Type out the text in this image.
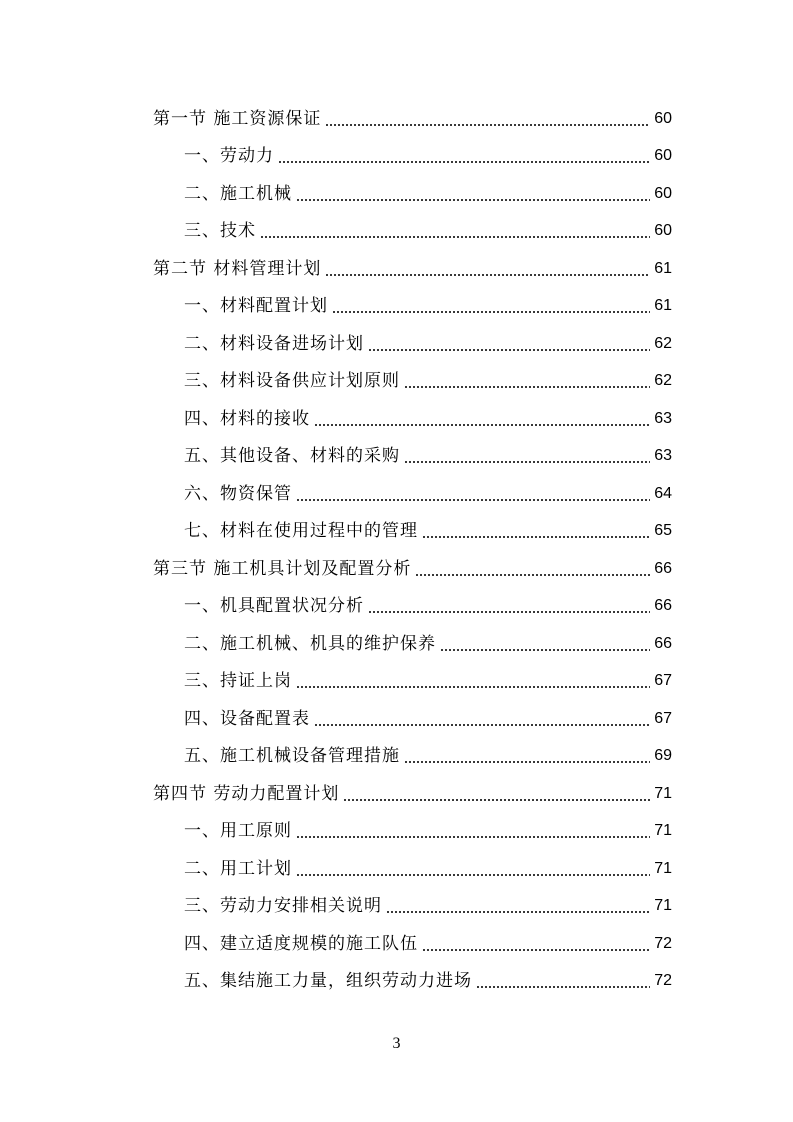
第一节 施工资源保证	60
一、劳动力	60
二、施工机械	60
三、技术	60
第二节 材料管理计划	61
一、材料配置计划	61
二、材料设备进场计划	62
三、材料设备供应计划原则	62
四、材料的接收	63
五、其他设备、材料的采购	63
六、物资保管	64
七、材料在使用过程中的管理	65
第三节 施工机具计划及配置分析	66
一、机具配置状况分析	66
二、施工机械、机具的维护保养	66
三、持证上岗	67
四、设备配置表	67
五、施工机械设备管理措施	69
第四节 劳动力配置计划	71
一、用工原则	71
二、用工计划	71
三、劳动力安排相关说明	71
四、建立适度规模的施工队伍	72
五、集结施工力量，组织劳动力进场	72
3
